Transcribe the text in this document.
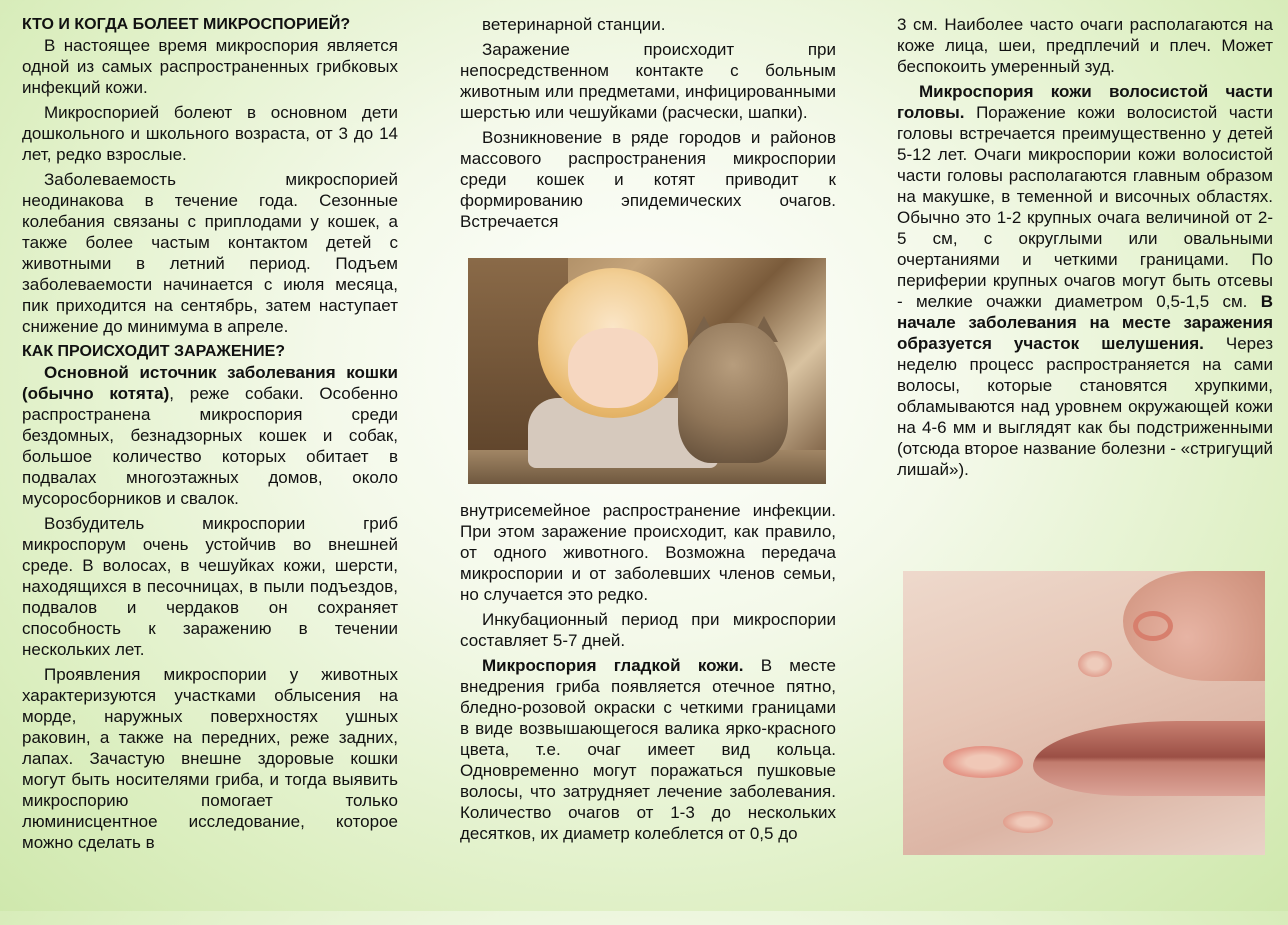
КТО И КОГДА БОЛЕЕТ МИКРОСПОРИЕЙ?

В настоящее время микроспория является одной из самых распространенных грибковых инфекций кожи.

Микроспорией болеют в основном дети дошкольного и школьного возраста, от 3 до 14 лет, редко взрослые.

Заболеваемость микроспорией неодинакова в течение года. Сезонные колебания связаны с приплодами у кошек, а также более частым контактом детей с животными в летний период. Подъем заболеваемости начинается с июля месяца, пик приходится на сентябрь, затем наступает снижение до минимума в апреле.

КАК ПРОИСХОДИТ ЗАРАЖЕНИЕ?

Основной источник заболевания кошки (обычно котята), реже собаки. Особенно распространена микроспория среди бездомных, безнадзорных кошек и собак, большое количество которых обитает в подвалах многоэтажных домов, около мусоросборников и свалок.

Возбудитель микроспории гриб микроспорум очень устойчив во внешней среде. В волосах, в чешуйках кожи, шерсти, находящихся в песочницах, в пыли подъездов, подвалов и чердаков он сохраняет способность к заражению в течении нескольких лет.

Проявления микроспории у животных характеризуются участками облысения на морде, наружных поверхностях ушных раковин, а также на передних, реже задних, лапах. Зачастую внешне здоровые кошки могут быть носителями гриба, и тогда выявить микроспорию помогает только люминисцентное исследование, которое можно сделать в

ветеринарной станции.

Заражение происходит при непосредственном контакте с больным животным или предметами, инфицированными шерстью или чешуйками (расчески, шапки).

Возникновение в ряде городов и районов массового распространения микроспории среди кошек и котят приводит к формированию эпидемических очагов. Встречается

внутрисемейное распространение инфекции. При этом заражение происходит, как правило, от одного животного. Возможна передача микроспории и от заболевших членов семьи, но случается это редко.

Инкубационный период при микроспории составляет 5-7 дней.

Микроспория гладкой кожи. В месте внедрения гриба появляется отечное пятно, бледно-розовой окраски с четкими границами в виде возвышающегося валика ярко-красного цвета, т.е. очаг имеет вид кольца. Одновременно могут поражаться пушковые волосы, что затрудняет лечение заболевания. Количество очагов от 1-3 до нескольких десятков, их диаметр колеблется от 0,5 до

3 см. Наиболее часто очаги располагаются на коже лица, шеи, предплечий и плеч. Может беспокоить умеренный зуд.

Микроспория кожи волосистой части головы. Поражение кожи волосистой части головы встречается преимущественно у детей 5-12 лет. Очаги микроспории кожи волосистой части головы располагаются главным образом на макушке, в теменной и височных областях. Обычно это 1-2 крупных очага величиной от 2-5 см, с округлыми или овальными очертаниями и четкими границами. По периферии крупных очагов могут быть отсевы - мелкие очажки диаметром 0,5-1,5 см. В начале заболевания на месте заражения образуется участок шелушения. Через неделю процесс распространяется на сами волосы, которые становятся хрупкими, обламываются над уровнем окружающей кожи на 4-6 мм и выглядят как бы подстриженными (отсюда второе название болезни - «стригущий лишай»).
